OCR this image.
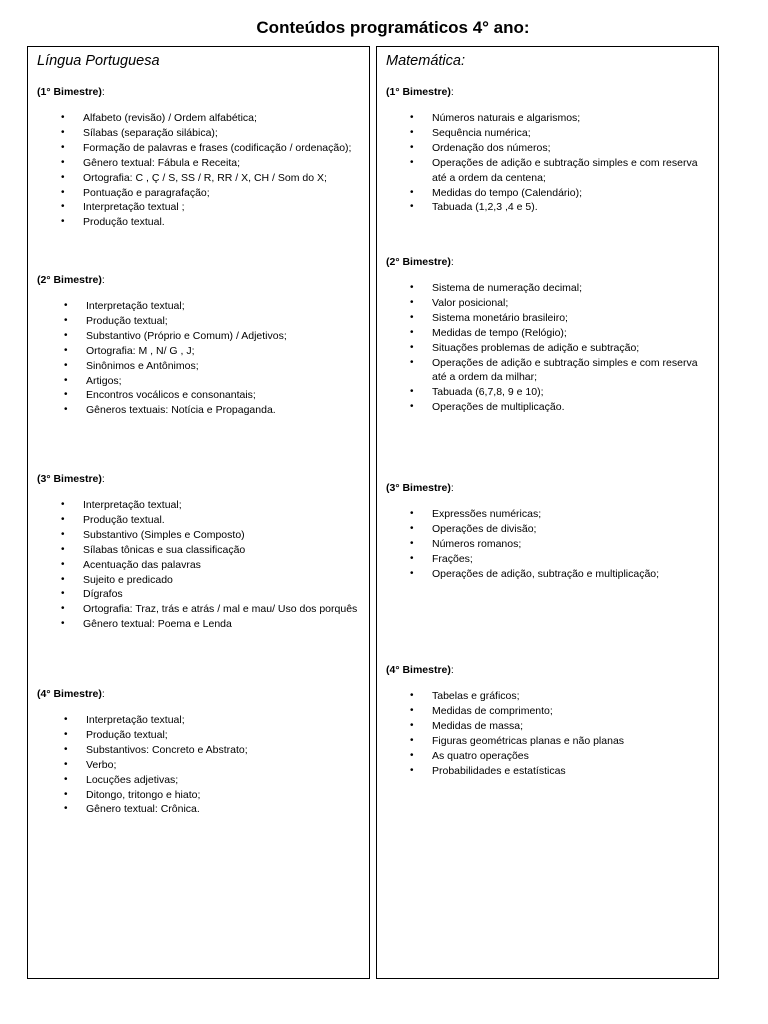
Conteúdos programáticos 4° ano:
Língua Portuguesa
(1° Bimestre):
• Alfabeto (revisão) / Ordem alfabética;
• Sílabas (separação silábica);
• Formação de palavras e frases (codificação / ordenação);
• Gênero textual: Fábula e Receita;
• Ortografia: C , Ç / S, SS / R, RR / X, CH / Som do X;
• Pontuação e paragrafação;
• Interpretação textual ;
• Produção textual.
(2° Bimestre):
• Interpretação textual;
• Produção textual;
• Substantivo (Próprio e Comum) / Adjetivos;
• Ortografia: M , N/ G , J;
• Sinônimos e Antônimos;
• Artigos;
• Encontros vocálicos e consonantais;
• Gêneros textuais: Notícia e Propaganda.
(3° Bimestre):
• Interpretação textual;
• Produção textual.
• Substantivo (Simples e Composto)
• Sílabas tônicas e sua classificação
• Acentuação das palavras
• Sujeito e predicado
• Dígrafos
• Ortografia: Traz, trás e atrás / mal e mau/ Uso dos porquês
• Gênero textual: Poema e Lenda
(4° Bimestre):
• Interpretação textual;
• Produção textual;
• Substantivos: Concreto e Abstrato;
• Verbo;
• Locuções adjetivas;
• Ditongo, tritongo e hiato;
• Gênero textual: Crônica.
Matemática:
(1° Bimestre):
• Números naturais e algarismos;
• Sequência numérica;
• Ordenação dos números;
• Operações de adição e subtração simples e com reserva até a ordem da centena;
• Medidas do tempo (Calendário);
• Tabuada (1,2,3 ,4 e 5).
(2° Bimestre):
• Sistema de numeração decimal;
• Valor posicional;
• Sistema monetário brasileiro;
• Medidas de tempo (Relógio);
• Situações problemas de adição e subtração;
• Operações de adição e subtração simples e com reserva até a ordem da milhar;
• Tabuada (6,7,8, 9 e 10);
• Operações de multiplicação.
(3° Bimestre):
• Expressões numéricas;
• Operações de divisão;
• Números romanos;
• Frações;
• Operações de adição, subtração e multiplicação;
(4° Bimestre):
• Tabelas e gráficos;
• Medidas de comprimento;
• Medidas de massa;
• Figuras geométricas planas e não planas
• As quatro operações
• Probabilidades e estatísticas
